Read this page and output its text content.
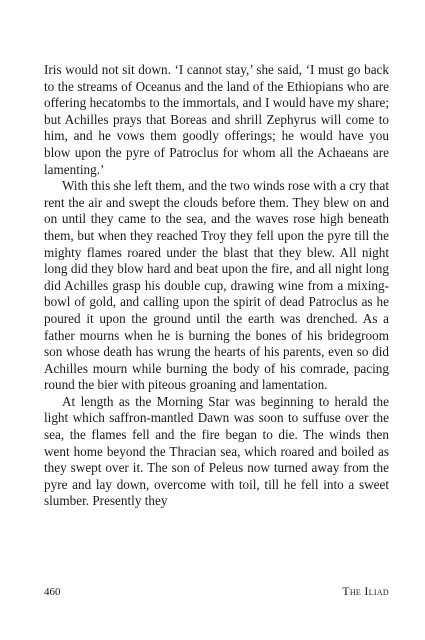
Iris would not sit down. ‘I cannot stay,’ she said, ‘I must go back to the streams of Oceanus and the land of the Ethiopians who are offering hecatombs to the immortals, and I would have my share; but Achilles prays that Boreas and shrill Zephyrus will come to him, and he vows them goodly offerings; he would have you blow upon the pyre of Patroclus for whom all the Achaeans are lamenting.’

With this she left them, and the two winds rose with a cry that rent the air and swept the clouds before them. They blew on and on until they came to the sea, and the waves rose high beneath them, but when they reached Troy they fell upon the pyre till the mighty flames roared under the blast that they blew. All night long did they blow hard and beat upon the fire, and all night long did Achilles grasp his double cup, drawing wine from a mixing-bowl of gold, and calling upon the spirit of dead Patroclus as he poured it upon the ground until the earth was drenched. As a father mourns when he is burning the bones of his bridegroom son whose death has wrung the hearts of his parents, even so did Achilles mourn while burning the body of his comrade, pacing round the bier with piteous groaning and lamentation.

At length as the Morning Star was beginning to herald the light which saffron-mantled Dawn was soon to suffuse over the sea, the flames fell and the fire began to die. The winds then went home beyond the Thracian sea, which roared and boiled as they swept over it. The son of Peleus now turned away from the pyre and lay down, overcome with toil, till he fell into a sweet slumber. Presently they

460	The Iliad
